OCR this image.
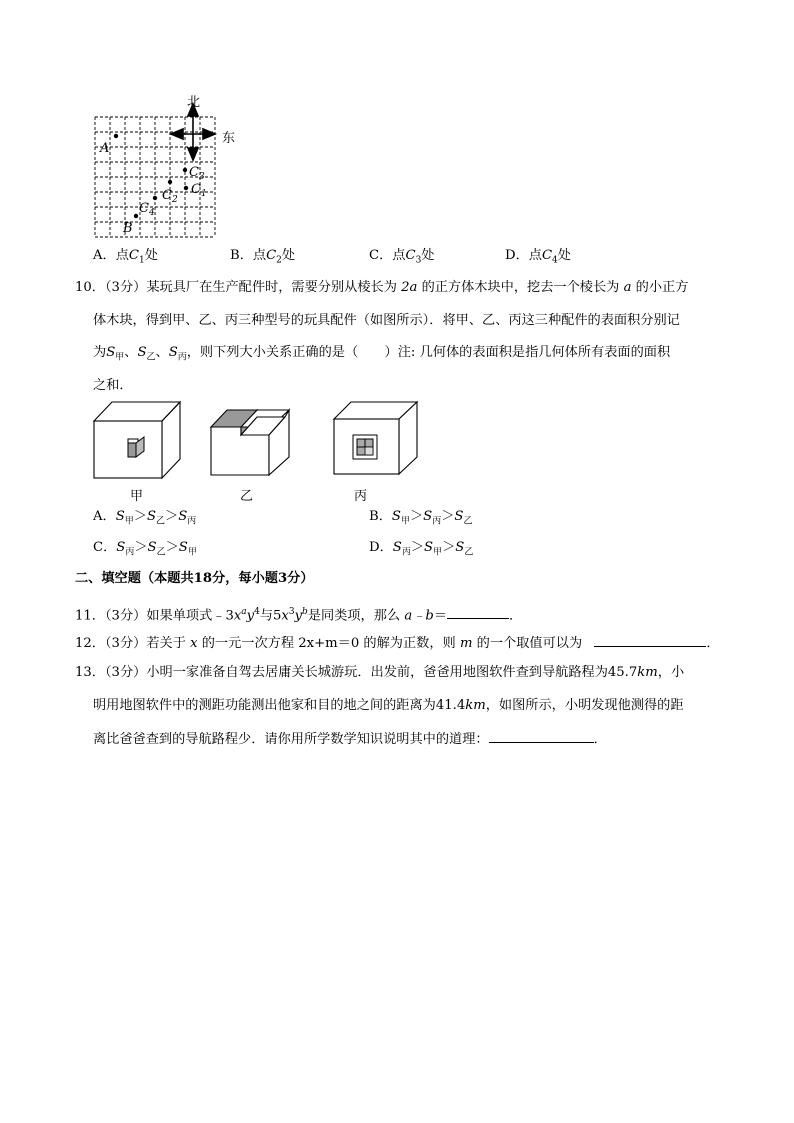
北
东
A
$C_3$
$C_2$
$C_1$
$C_4$
B
A．点$C_1$处	B．点$C_2$处	C．点$C_3$处	D．点$C_4$处
10．（3分）某玩具厂在生产配件时，需要分别从棱长为 2a 的正方体木块中，挖去一个棱长为 a 的小正方
体木块，得到甲、乙、丙三种型号的玩具配件（如图所示）．将甲、乙、丙这三种配件的表面积分别记
为$S_甲$、$S_乙$、$S_丙$，则下列大小关系正确的是（　　）注: 几何体的表面积是指几何体所有表面的面积
之和．
甲	乙	丙
A．$S_甲>S_乙>S_丙$	B．$S_甲>S_丙>S_乙$
C．$S_丙>S_乙>S_甲$	D．$S_丙>S_甲>S_乙$
二、填空题（本题共18分，每小题3分）
11．（3分）如果单项式$﹣3x^ay^4$与$5x^3y^b$是同类项，那么 a﹣b＝	．
12．（3分）若关于 x 的一元一次方程 2x+m＝0 的解为正数，则 m 的一个取值可以为	．
13．（3分）小明一家准备自驾去居庸关长城游玩．出发前，爸爸用地图软件查到导航路程为45.7km，小
明用地图软件中的测距功能测出他家和目的地之间的距离为41.4km，如图所示，小明发现他测得的距
离比爸爸查到的导航路程少．请你用所学数学知识说明其中的道理：	．
